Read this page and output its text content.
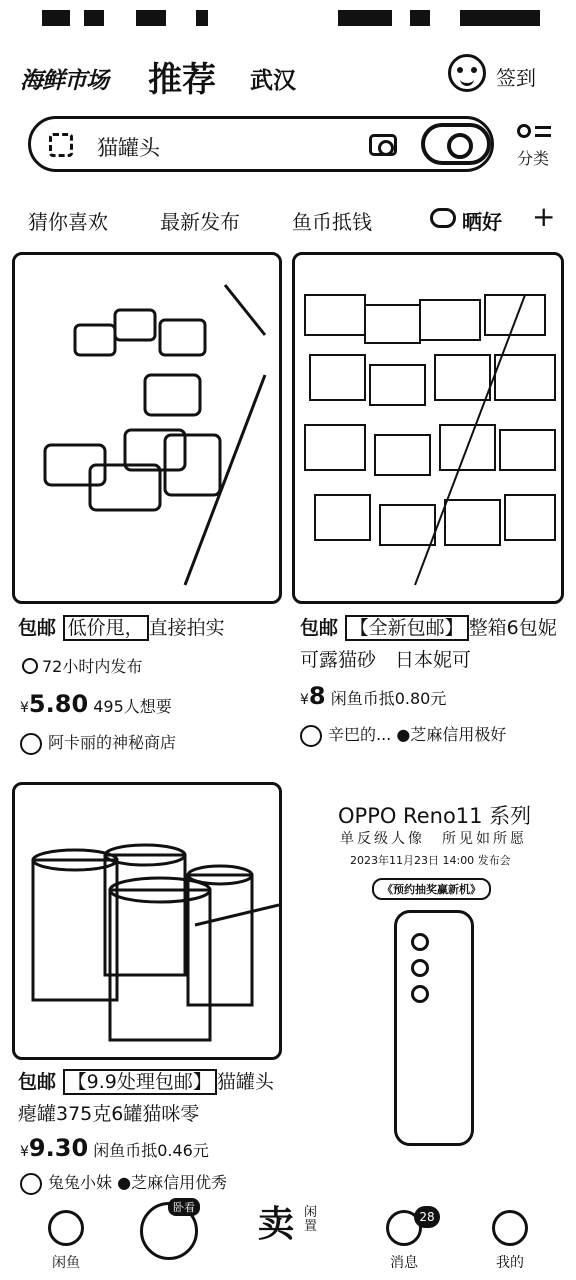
海鲜市场 推荐 武汉	签到
猫罐头	分类
猜你喜欢	最新发布	鱼币抵钱	晒好	+
包邮 低价甩， 直接拍实
72小时内发布
¥5.80 495人想要
阿卡丽的神秘商店
包邮 【全新包邮】 整箱6包妮可露猫砂　日本妮可
¥8 闲鱼币抵0.80元
辛巴的... ●芝麻信用极好
包邮 【9.9处理包邮】 猫罐头瘪罐375克6罐猫咪零
¥9.30 闲鱼币抵0.46元
兔兔小妹 ●芝麻信用优秀
OPPO Reno11 系列
单反级人像　所见如所愿
2023年11月23日 14:00 发布会
《预约抽奖赢新机》
闲鱼
卧看 卖 闲置
消息
28
我的
